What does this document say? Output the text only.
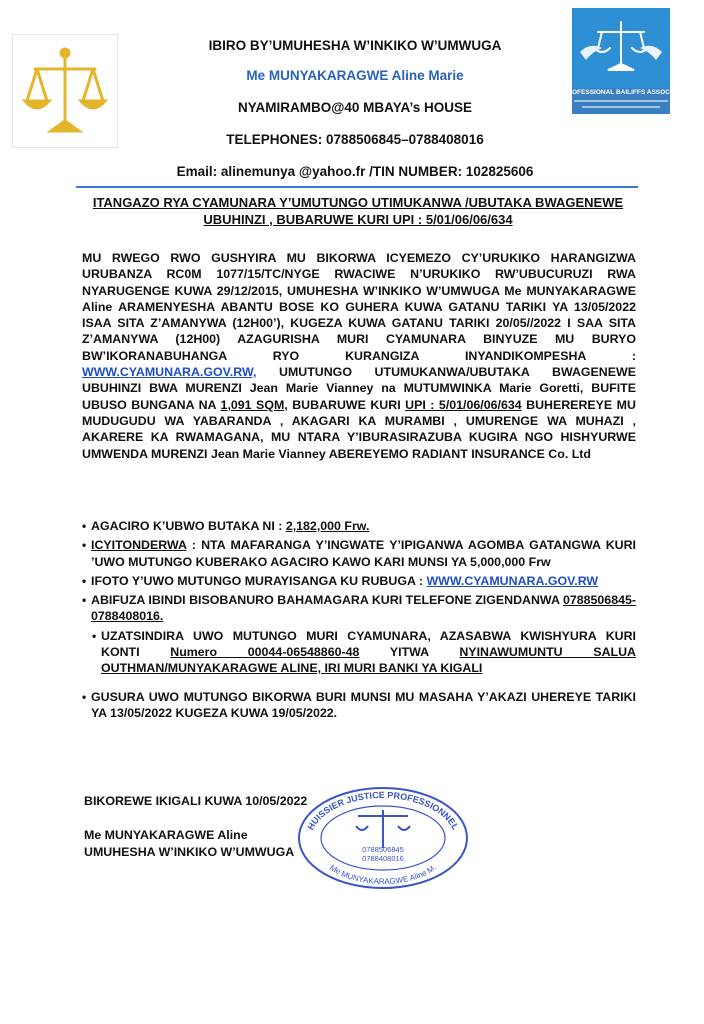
OFESSIONAL BAILIFFS ASSOCIATI
IBIRO BY’UMUHESHA W’INKIKO W’UMWUGA
Me MUNYAKARAGWE Aline Marie
NYAMIRAMBO@40 MBAYA’s HOUSE
TELEPHONES: 0788506845–0788408016
Email: alinemunya @yahoo.fr /TIN NUMBER: 102825606
ITANGAZO RYA CYAMUNARA Y’UMUTUNGO UTIMUKANWA /UBUTAKA BWAGENEWE UBUHINZI , BUBARUWE KURI UPI : 5/01/06/06/634
MU RWEGO RWO GUSHYIRA MU BIKORWA ICYEMEZO CY’URUKIKO HARANGIZWA URUBANZA RC0M 1077/15/TC/NYGE RWACIWE N’URUKIKO RW’UBUCURUZI RWA NYARUGENGE KUWA 29/12/2015, UMUHESHA W’INKIKO W’UMWUGA Me MUNYAKARAGWE Aline ARAMENYESHA ABANTU BOSE KO GUHERA KUWA GATANU TARIKI YA 13/05/2022 ISAA SITA Z’AMANYWA (12H00’), KUGEZA KUWA GATANU TARIKI 20/05//2022 I SAA SITA Z’AMANYWA (12H00) AZAGURISHA MURI CYAMUNARA BINYUZE MU BURYO BW’IKORANABUHANGA RYO KURANGIZA INYANDIKOMPESHA : WWW.CYAMUNARA.GOV.RW, UMUTUNGO UTUMUKANWA/UBUTAKA BWAGENEWE UBUHINZI BWA MURENZI Jean Marie Vianney na MUTUMWINKA Marie Goretti, BUFITE UBUSO BUNGANA NA 1,091 SQM, BUBARUWE KURI UPI : 5/01/06/06/634 BUHEREREYE MU MUDUGUDU WA YABARANDA , AKAGARI KA MURAMBI , UMURENGE WA MUHAZI , AKARERE KA RWAMAGANA, MU NTARA Y’IBURASIRAZUBA KUGIRA NGO HISHYURWE UMWENDA MURENZI Jean Marie Vianney ABEREYEMO RADIANT INSURANCE Co. Ltd
• AGACIRO K’UBWO BUTAKA NI : 2,182,000 Frw.
• ICYITONDERWA : NTA MAFARANGA Y’INGWATE Y’IPIGANWA AGOMBA GATANGWA KURI ’UWO MUTUNGO KUBERAKO AGACIRO KAWO KARI MUNSI YA 5,000,000 Frw
• IFOTO Y’UWO MUTUNGO MURAYISANGA KU RUBUGA : WWW.CYAMUNARA.GOV.RW
• ABIFUZA IBINDI BISOBANURO BAHAMAGARA KURI TELEFONE ZIGENDANWA 0788506845-0788408016.
• UZATSINDIRA UWO MUTUNGO MURI CYAMUNARA, AZASABWA KWISHYURA KURI KONTI Numero 00044-06548860-48 YITWA NYINAWUMUNTU SALUA OUTHMAN/MUNYAKARAGWE ALINE, IRI MURI BANKI YA KIGALI
• GUSURA UWO MUTUNGO BIKORWA BURI MUNSI MU MASAHA Y’AKAZI UHEREYE TARIKI YA 13/05/2022 KUGEZA KUWA 19/05/2022.
BIKOREWE IKIGALI KUWA 10/05/2022
Me MUNYAKARAGWE Aline
UMUHESHA W’INKIKO W’UMWUGA
HUISSIER JUSTICE PROFESSIONNEL
Me MUNYAKARAGWE Aline M.
0788506845
0788408016
